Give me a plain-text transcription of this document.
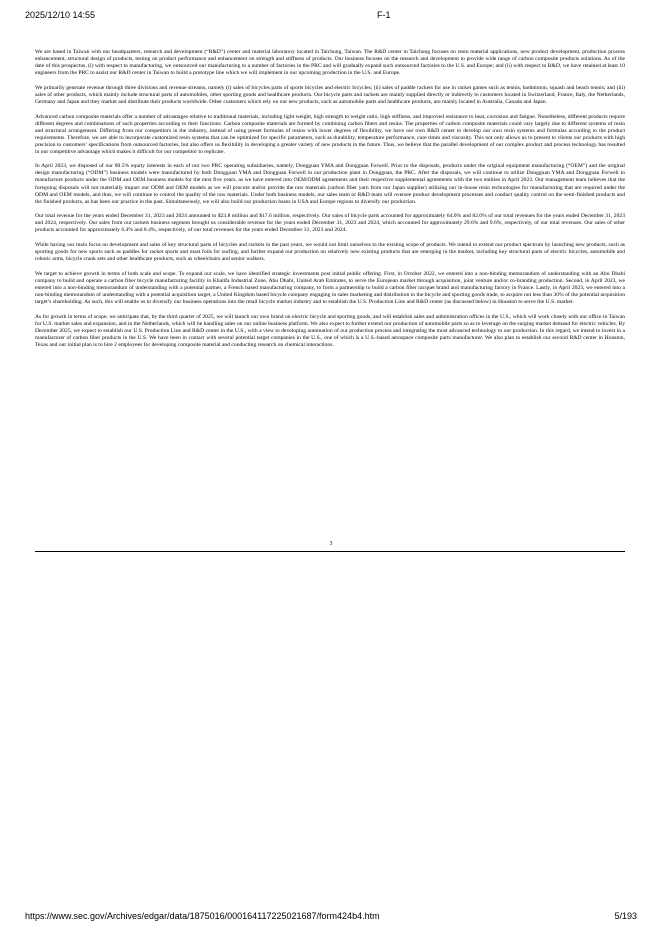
2025/12/10 14:55	F-1

We are based in Taiwan with our headquarters, research and development (“R&D”) center and material laboratory located in Taichung, Taiwan. The R&D center in Taichung focuses on resin material applications, new product development, production process enhancement, structural design of products, testing on product performance and enhancement on strength and stiffness of products. Our business focuses on the research and development to provide wide range of carbon composite products solutions. As of the date of this prospectus, (i) with respect to manufacturing, we outsourced our manufacturing to a number of factories in the PRC and will gradually expand such outsourced factories to the U.S. and Europe; and (ii) with respect to R&D, we have retained at least 10 engineers from the PRC to assist our R&D center in Taiwan to build a prototype line which we will implement in our upcoming production in the U.S. and Europe.

We primarily generate revenue through three divisions and revenue streams, namely (i) sales of bicycles parts of sports bicycles and electric bicycles; (ii) sales of paddle rackets for use in racket games such as tennis, badminton, squash and beach tennis; and (iii) sales of other products, which mainly include structural parts of automobiles, other sporting goods and healthcare products. Our bicycle parts and rackets are mainly supplied directly or indirectly to customers located in Switzerland, France, Italy, the Netherlands, Germany and Japan and they market and distribute their products worldwide. Other customers which rely on our new products, such as automobile parts and healthcare products, are mainly located in Australia, Canada and Japan.

Advanced carbon composite materials offer a number of advantages relative to traditional materials, including light weight, high strength to weight ratio, high stiffness, and improved resistance to heat, corrosion and fatigue. Nonetheless, different products require different degrees and combinations of such properties according to their functions. Carbon composite materials are formed by combining carbon fibers and resins. The properties of carbon composite materials could vary largely due to different systems of resin and structural arrangement. Differing from our competitors in the industry, instead of using preset formulas of resins with lower degrees of flexibility, we have our own R&D center to develop our own resin systems and formulas according to the product requirements. Therefore, we are able to incorporate customized resin systems that can be optimized for specific parameters, such as durability, temperature performance, cure times and viscosity. This not only allows us to present to clients our products with high precision to customers’ specifications from outsourced factories, but also offers us flexibility in developing a greater variety of new products in the future. Thus, we believe that the parallel development of our complex product and process technology has resulted in our competitive advantage which makes it difficult for our competitor to replicate.

In April 2023, we disposed of our 80.5% equity interests in each of our two PRC operating subsidiaries, namely, Dongguan YMA and Dongguan Forwell. Prior to the disposals, products under the original equipment manufacturing (“OEM”) and the original design manufacturing (“ODM”) business models were manufactured by both Dongguan YMA and Dongguan Forwell in our production plant in Dongguan, the PRC. After the disposals, we will continue to utilize Dongguan YMA and Dongguan Forwell to manufacture products under the ODM and OEM business models for the next five years, as we have entered into OEM/ODM agreements and their respective supplemental agreements with the two entities in April 2023. Our management team believes that the foregoing disposals will not materially impact our ODM and OEM models as we will procure and/or provide the raw materials (carbon fiber yarn from our Japan supplier) utilizing our in-house resin technologies for manufacturing that are required under the ODM and OEM models, and thus, we will continue to control the quality of the raw materials. Under both business models, our sales team or R&D team will oversee product development processes and conduct quality control on the semi-finished products and the finished products, as has been our practice in the past. Simultaneously, we will also build our production bases in USA and Europe regions to diversify our production.

Our total revenue for the years ended December 31, 2023 and 2024 amounted to $23.8 million and $17.6 million, respectively. Our sales of bicycle parts accounted for approximately 64.0% and 82.0% of our total revenues for the years ended December 31, 2023 and 2024, respectively. Our sales from our rackets business segment brought us considerable revenue for the years ended December 31, 2023 and 2024, which accounted for approximately 29.6% and 9.6%, respectively, of our total revenues. Our sales of other products accounted for approximately 6.4% and 8.4%, respectively, of our total revenues for the years ended December 31, 2023 and 2024.

While having our main focus on development and sales of key structural parts of bicycles and rackets in the past years, we would not limit ourselves to the existing scope of products. We intend to extend our product spectrum by launching new products, such as sporting goods for new sports such as paddles for racket sports and mast foils for surfing, and further expand our production on relatively new existing products that are emerging in the market, including key structural parts of electric bicycles, automobile and robotic arms, bicycle crank sets and other healthcare products, such as wheelchairs and senior walkers.

We target to achieve growth in terms of both scale and scope. To expand our scale, we have identified strategic investments post initial public offering. First, in October 2022, we entered into a non-binding memorandum of understanding with an Abu Dhabi company to build and operate a carbon fiber bicycle manufacturing facility in Khalifa Industrial Zone, Abu Dhabi, United Arab Emirates, to serve the European market through acquisition, joint venture and/or co-branding production. Second, in April 2023, we entered into a non-binding memorandum of understanding with a potential partner, a French based manufacturing company, to form a partnership to build a carbon fiber racquet brand and manufacturing factory in France. Lastly, in April 2023, we entered into a non-binding memorandum of understanding with a potential acquisition target, a United Kingdom based bicycle company engaging in sales marketing and distribution in the bicycle and sporting goods trade, to acquire not less than 30% of the potential acquisition target’s shareholding. As such, this will enable us to diversify our business operations into the retail bicycle market industry and to establish the U.S. Production Line and R&D center (as discussed below) in Houston to serve the U.S. market.

As for growth in terms of scope, we anticipate that, by the third quarter of 2025, we will launch our own brand on electric bicycle and sporting goods, and will establish sales and administration offices in the U.S., which will work closely with our office in Taiwan for U.S. market sales and expansion, and in the Netherlands, which will be handling sales on our online business platform. We also expect to further extend our production of automobile parts so as to leverage on the surging market demand for electric vehicles. By December 2025, we expect to establish our U.S. Production Line and R&D center in the U.S., with a view to developing automation of our production process and integrating the most advanced technology to our production. In this regard, we intend to invest in a manufacturer of carbon fiber products in the U.S. We have been in contact with several potential target companies in the U.S., one of which is a U.S.-based aerospace composite parts manufacturer. We also plan to establish our second R&D center in Houston, Texas and our initial plan is to hire 2 employees for developing composite material and conducting research on chemical interactions.

3
https://www.sec.gov/Archives/edgar/data/1875016/000164117225021687/form424b4.htm	5/193
